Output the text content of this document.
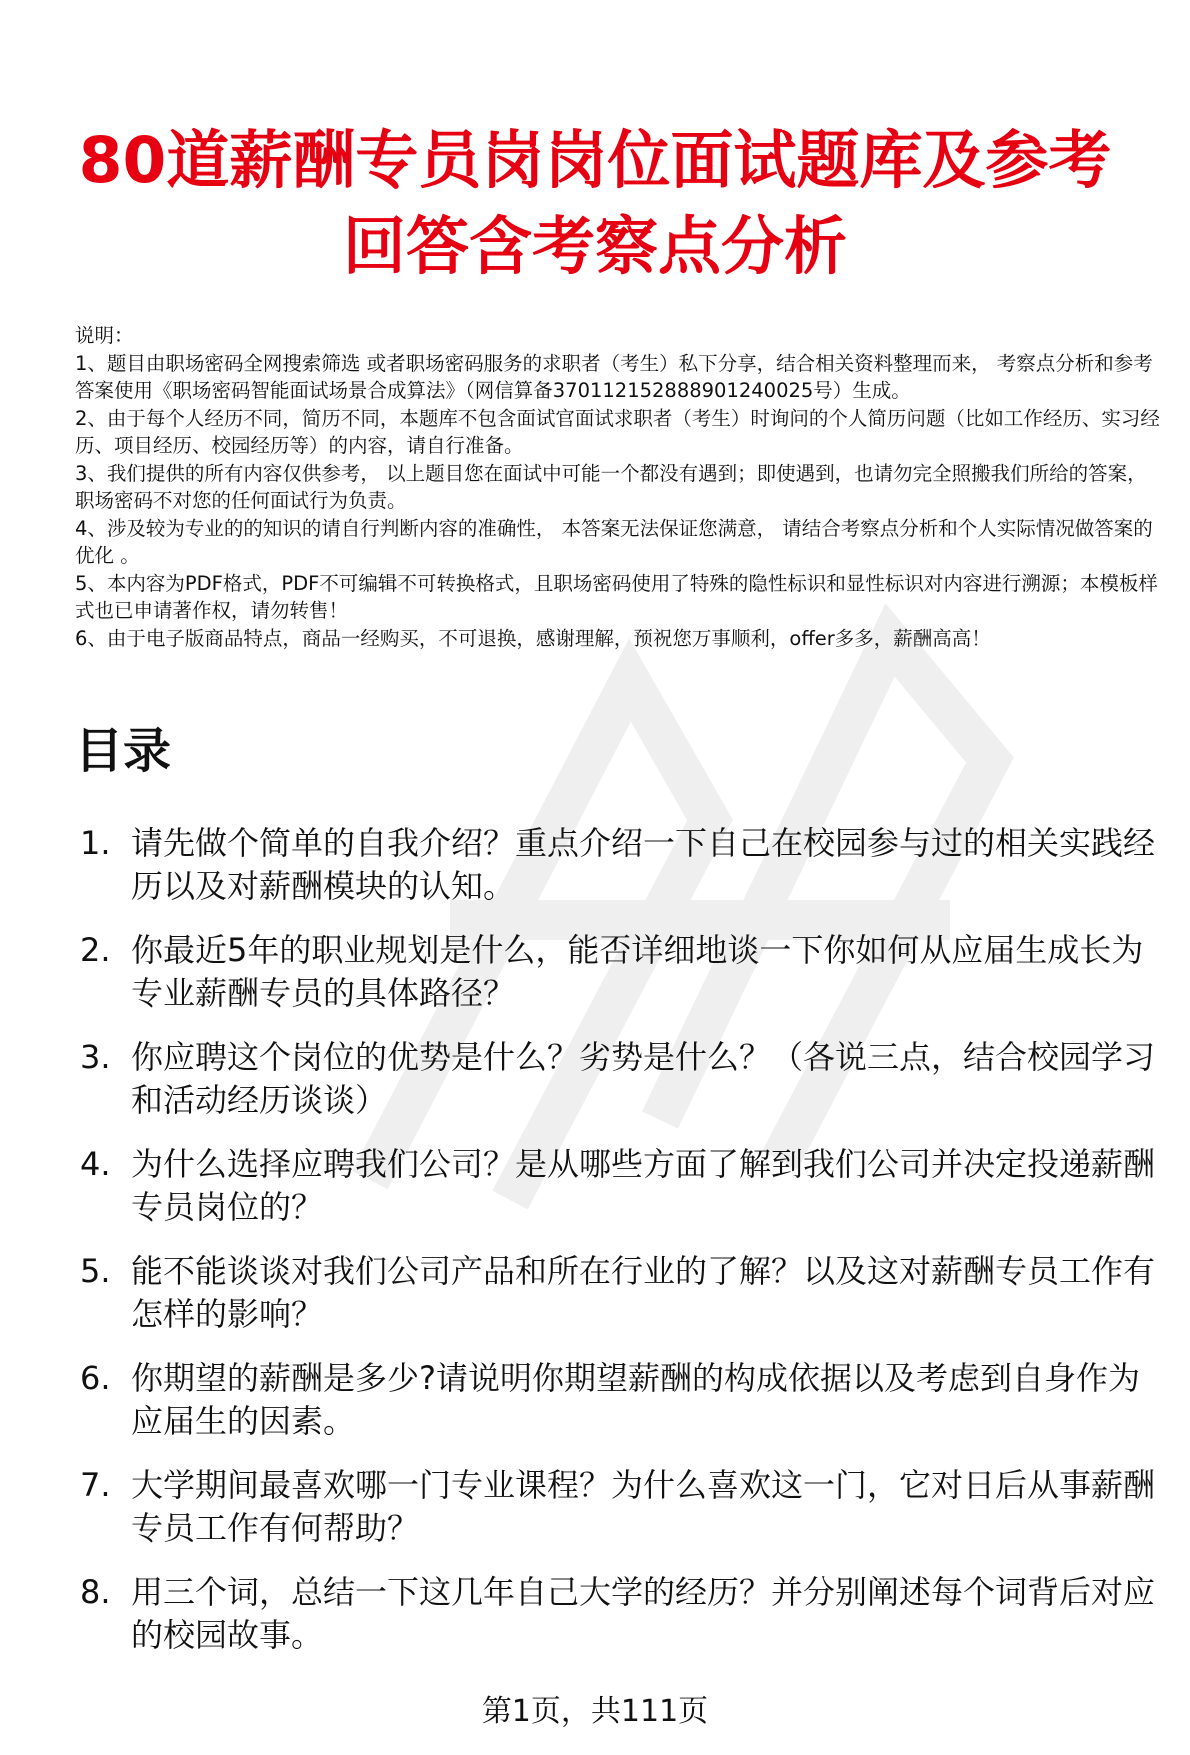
80道薪酬专员岗岗位面试题库及参考回答含考察点分析

说明：

1、题目由职场密码全网搜索筛选 或者职场密码服务的求职者（考生）私下分享，结合相关资料整理而来， 考察点分析和参考答案使用《职场密码智能面试场景合成算法》（网信算备370112152888901240025号）生成。

2、由于每个人经历不同，简历不同，本题库不包含面试官面试求职者（考生）时询问的个人简历问题（比如工作经历、实习经历、项目经历、校园经历等）的内容，请自行准备。

3、我们提供的所有内容仅供参考， 以上题目您在面试中可能一个都没有遇到；即使遇到，也请勿完全照搬我们所给的答案，职场密码不对您的任何面试行为负责。

4、涉及较为专业的的知识的请自行判断内容的准确性， 本答案无法保证您满意， 请结合考察点分析和个人实际情况做答案的优化 。

5、本内容为PDF格式，PDF不可编辑不可转换格式，且职场密码使用了特殊的隐性标识和显性标识对内容进行溯源；本模板样式也已申请著作权，请勿转售！

6、由于电子版商品特点，商品一经购买，不可退换，感谢理解，预祝您万事顺利，offer多多，薪酬高高！

目录
1. 请先做个简单的自我介绍？重点介绍一下自己在校园参与过的相关实践经历以及对薪酬模块的认知。
2. 你最近5年的职业规划是什么，能否详细地谈一下你如何从应届生成长为专业薪酬专员的具体路径？
3. 你应聘这个岗位的优势是什么？劣势是什么？（各说三点，结合校园学习和活动经历谈谈）
4. 为什么选择应聘我们公司？是从哪些方面了解到我们公司并决定投递薪酬专员岗位的？
5. 能不能谈谈对我们公司产品和所在行业的了解？以及这对薪酬专员工作有怎样的影响？
6. 你期望的薪酬是多少?请说明你期望薪酬的构成依据以及考虑到自身作为应届生的因素。
7. 大学期间最喜欢哪一门专业课程？为什么喜欢这一门，它对日后从事薪酬专员工作有何帮助？
8. 用三个词，总结一下这几年自己大学的经历？并分别阐述每个词背后对应的校园故事。
第1页，共111页
